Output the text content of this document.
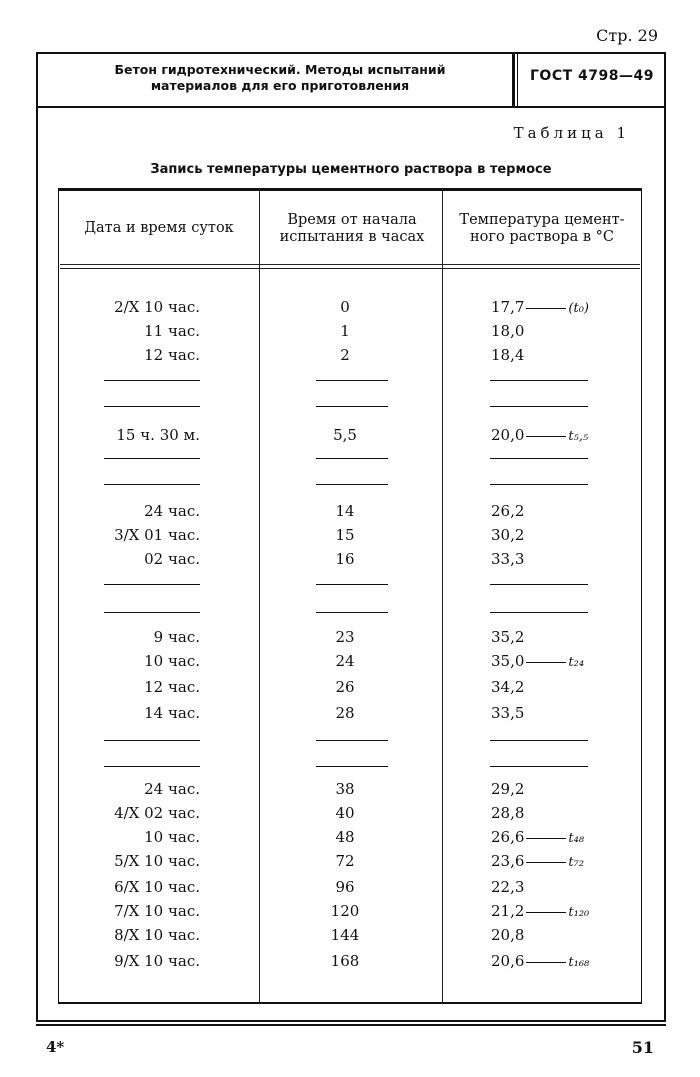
Стр. 29
Бетон гидротехнический. Методы испытаний
материалов для его приготовления
ГОСТ 4798—49
Таблица 1
Запись температуры цементного раствора в термосе
Дата и время суток	Время от начала
испытания в часах
Температура цемент-
ного раствора в °С
2/X 10 час.	0	17,7	(t₀)
11 час.	1	18,0
12 час.	2	18,4
15 ч. 30 м.	5,5	20,0	t₅,₅
24 час.	14	26,2
3/X 01 час.	15	30,2
02 час.	16	33,3
9 час.	23	35,2
10 час.	24	35,0	t₂₄
12 час.	26	34,2
14 час.	28	33,5
24 час.	38	29,2
4/X 02 час.	40	28,8
10 час.	48	26,6	t₄₈
5/X 10 час.	72	23,6	t₇₂
6/X 10 час.	96	22,3
7/X 10 час.	120	21,2	t₁₂₀
8/X 10 час.	144	20,8
9/X 10 час.	168	20,6	t₁₆₈
4*	51
